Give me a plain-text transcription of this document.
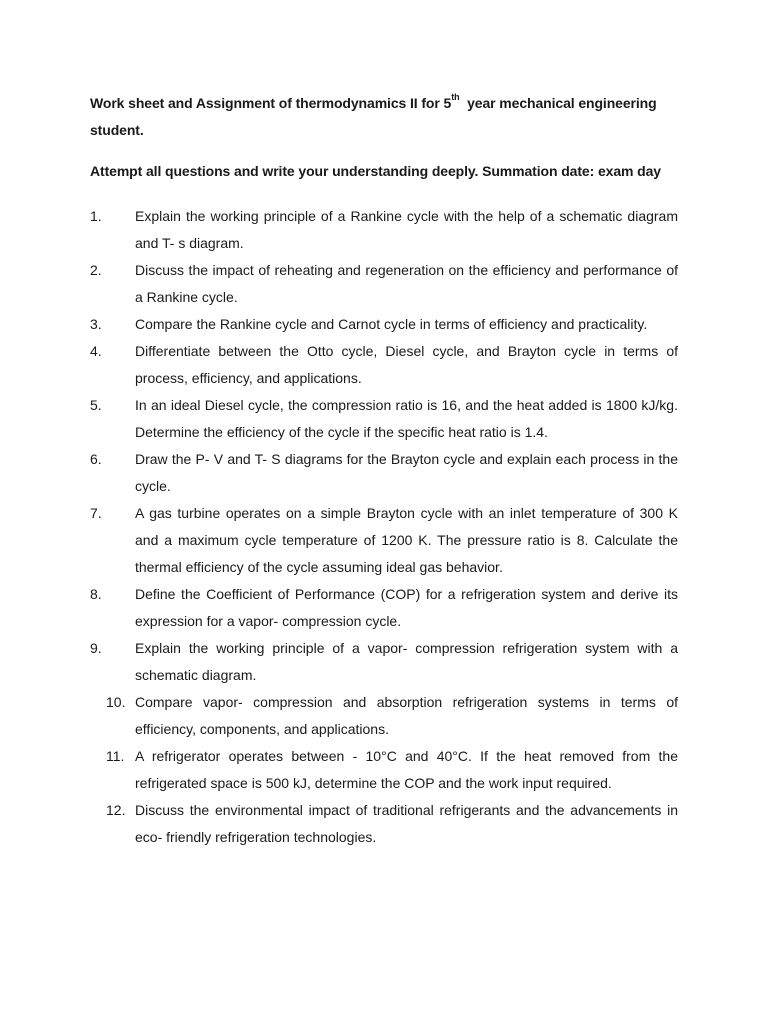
Work sheet and Assignment of thermodynamics II for 5th  year mechanical engineering student.

Attempt all questions and write your understanding deeply. Summation date: exam day

1.	Explain the working principle of a Rankine cycle with the help of a schematic diagram and T- s diagram.
2.	Discuss the impact of reheating and regeneration on the efficiency and performance of a Rankine cycle.
3.	Compare the Rankine cycle and Carnot cycle in terms of efficiency and practicality.
4.	Differentiate between the Otto cycle, Diesel cycle, and Brayton cycle in terms of process, efficiency, and applications.
5.	In an ideal Diesel cycle, the compression ratio is 16, and the heat added is 1800 kJ/kg. Determine the efficiency of the cycle if the specific heat ratio is 1.4.
6.	Draw the P- V and T- S diagrams for the Brayton cycle and explain each process in the cycle.
7.	A gas turbine operates on a simple Brayton cycle with an inlet temperature of 300 K and a maximum cycle temperature of 1200 K. The pressure ratio is 8. Calculate the thermal efficiency of the cycle assuming ideal gas behavior.
8.	Define the Coefficient of Performance (COP) for a refrigeration system and derive its expression for a vapor- compression cycle.
9.	Explain the working principle of a vapor- compression refrigeration system with a schematic diagram.
10. Compare vapor- compression and absorption refrigeration systems in terms of efficiency, components, and applications.
11. A refrigerator operates between - 10°C and 40°C. If the heat removed from the refrigerated space is 500 kJ, determine the COP and the work input required.
12. Discuss the environmental impact of traditional refrigerants and the advancements in eco- friendly refrigeration technologies.
